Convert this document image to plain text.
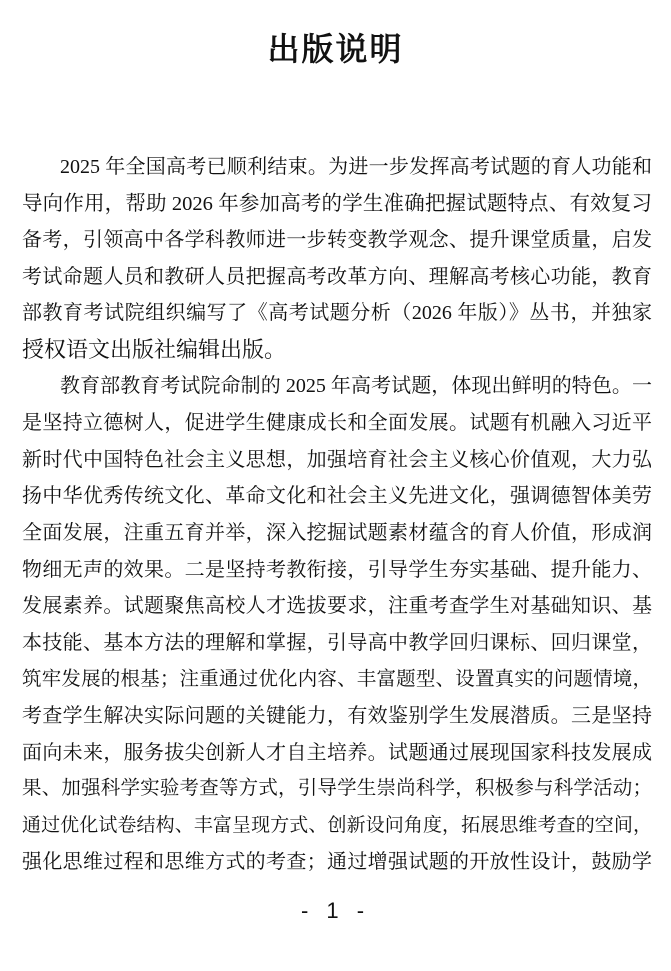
出版说明
2025 年全国高考已顺利结束。为进一步发挥高考试题的育人功能和
导向作用，帮助 2026 年参加高考的学生准确把握试题特点、有效复习
备考，引领高中各学科教师进一步转变教学观念、提升课堂质量，启发
考试命题人员和教研人员把握高考改革方向、理解高考核心功能，教育
部教育考试院组织编写了《高考试题分析（2026 年版）》丛书，并独家
授权语文出版社编辑出版。
教育部教育考试院命制的 2025 年高考试题，体现出鲜明的特色。一
是坚持立德树人，促进学生健康成长和全面发展。试题有机融入习近平
新时代中国特色社会主义思想，加强培育社会主义核心价值观，大力弘
扬中华优秀传统文化、革命文化和社会主义先进文化，强调德智体美劳
全面发展，注重五育并举，深入挖掘试题素材蕴含的育人价值，形成润
物细无声的效果。二是坚持考教衔接，引导学生夯实基础、提升能力、
发展素养。试题聚焦高校人才选拔要求，注重考查学生对基础知识、基
本技能、基本方法的理解和掌握，引导高中教学回归课标、回归课堂，
筑牢发展的根基；注重通过优化内容、丰富题型、设置真实的问题情境，
考查学生解决实际问题的关键能力，有效鉴别学生发展潜质。三是坚持
面向未来，服务拔尖创新人才自主培养。试题通过展现国家科技发展成
果、加强科学实验考查等方式，引导学生崇尚科学，积极参与科学活动；
通过优化试卷结构、丰富呈现方式、创新设问角度，拓展思维考查的空间，
强化思维过程和思维方式的考查；通过增强试题的开放性设计，鼓励学
- 1 -
